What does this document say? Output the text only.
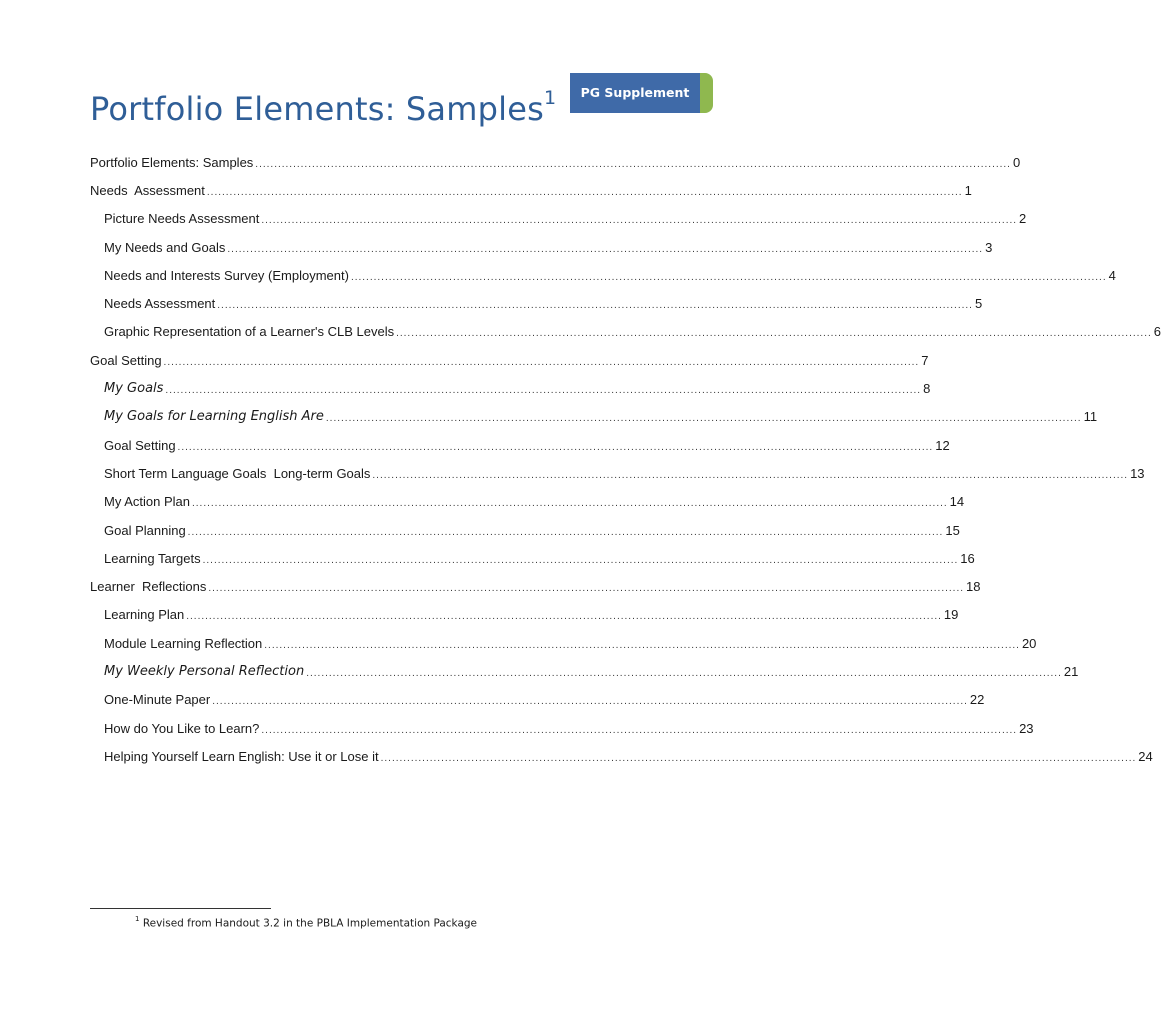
PG Supplement
Portfolio Elements: Samples$^1$
Portfolio Elements: Samples ........................................................................................................................................................................................................ 0
Needs  Assessment ........................................................................................................................................................................................................ 1
Picture Needs Assessment ........................................................................................................................................................................................................ 2
My Needs and Goals ........................................................................................................................................................................................................ 3
Needs and Interests Survey (Employment) ........................................................................................................................................................................................................ 4
Needs Assessment ........................................................................................................................................................................................................ 5
Graphic Representation of a Learner's CLB Levels ........................................................................................................................................................................................................ 6
Goal Setting ........................................................................................................................................................................................................ 7
My Goals ........................................................................................................................................................................................................ 8
My Goals for Learning English Are ........................................................................................................................................................................................................ 11
Goal Setting ........................................................................................................................................................................................................ 12
Short Term Language Goals  Long-term Goals ........................................................................................................................................................................................................ 13
My Action Plan ........................................................................................................................................................................................................ 14
Goal Planning ........................................................................................................................................................................................................ 15
Learning Targets ........................................................................................................................................................................................................ 16
Learner  Reflections ........................................................................................................................................................................................................ 18
Learning Plan ........................................................................................................................................................................................................ 19
Module Learning Reflection ........................................................................................................................................................................................................ 20
My Weekly Personal Reflection ........................................................................................................................................................................................................ 21
One-Minute Paper ........................................................................................................................................................................................................ 22
How do You Like to Learn? ........................................................................................................................................................................................................ 23
Helping Yourself Learn English: Use it or Lose it ........................................................................................................................................................................................................ 24
$^1$ Revised from Handout 3.2 in the PBLA Implementation Package
